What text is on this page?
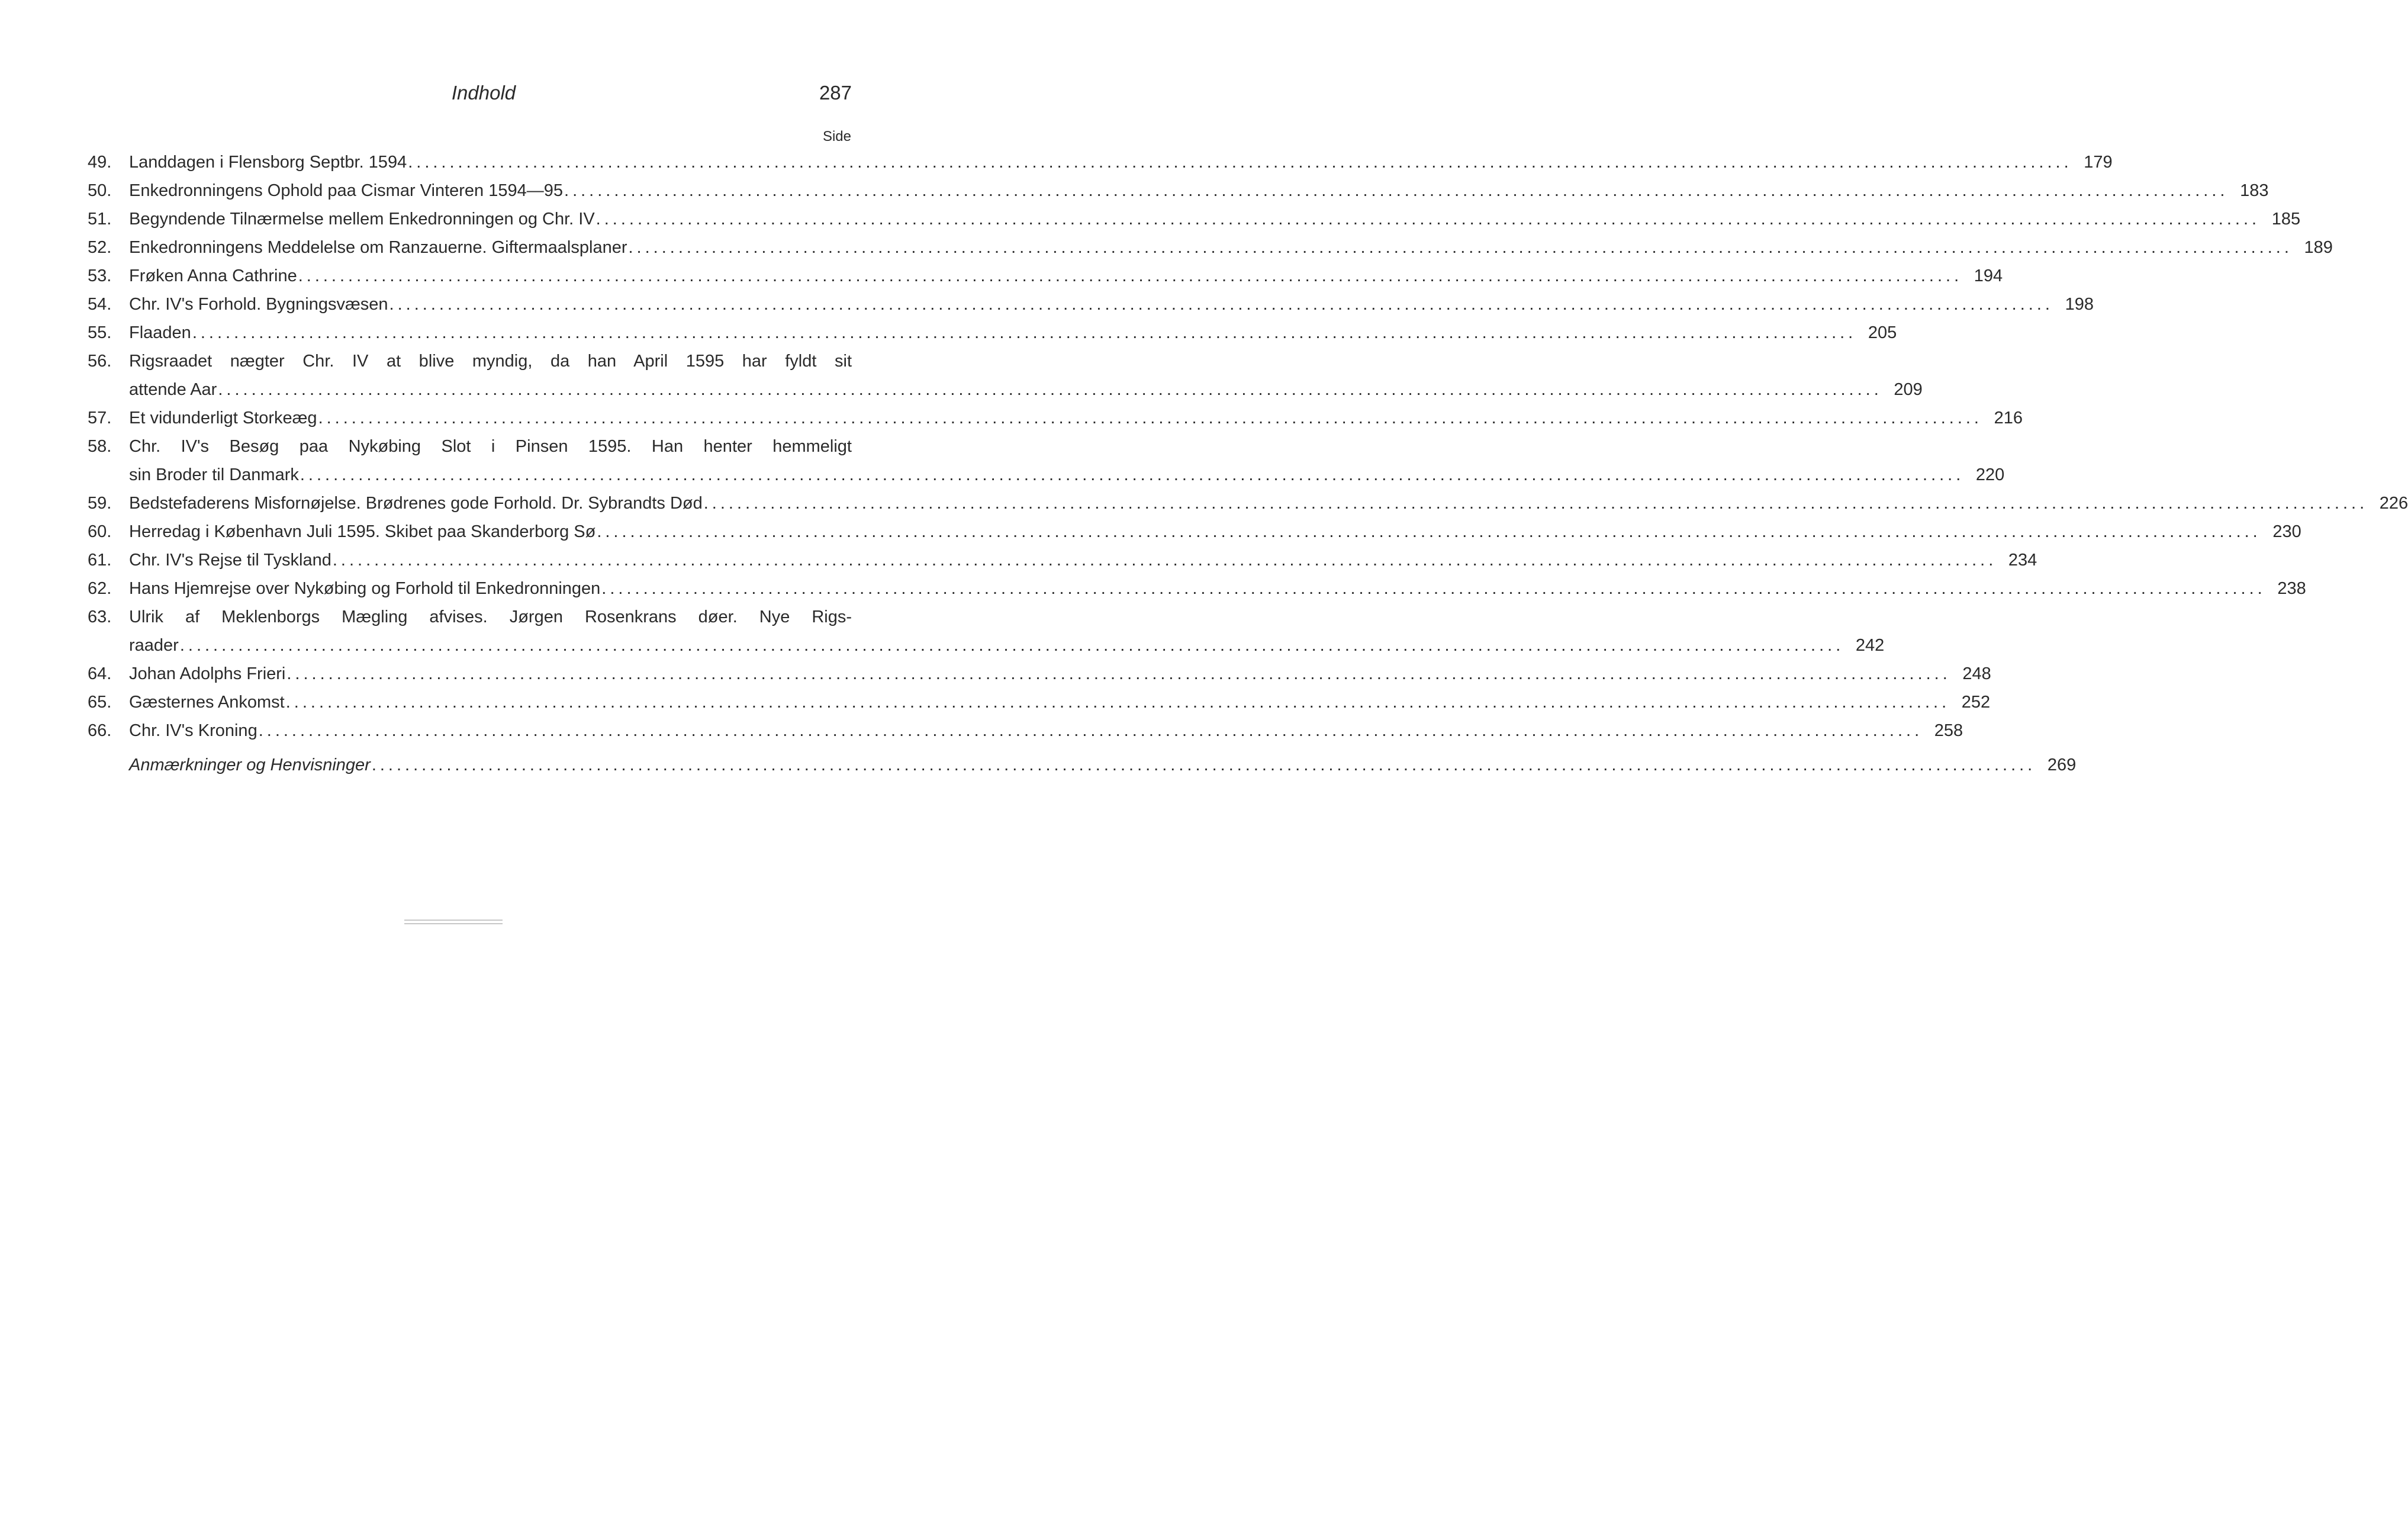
Indhold	287
Side
49. Landdagen i Flensborg Septbr. 1594 ........................................................................................................................................................................................................ 179
50. Enkedronningens Ophold paa Cismar Vinteren 1594—95 ........................................................................................................................................................................................................ 183
51. Begyndende Tilnærmelse mellem Enkedronningen og Chr. IV ........................................................................................................................................................................................................ 185
52. Enkedronningens Meddelelse om Ranzauerne. Giftermaalsplaner ........................................................................................................................................................................................................ 189
53. Frøken Anna Cathrine ........................................................................................................................................................................................................ 194
54. Chr. IV's Forhold. Bygningsvæsen ........................................................................................................................................................................................................ 198
55. Flaaden ........................................................................................................................................................................................................ 205
56. Rigsraadet nægter Chr. IV at blive myndig, da han April 1595 har fyldt sit
attende Aar ........................................................................................................................................................................................................ 209
57. Et vidunderligt Storkeæg ........................................................................................................................................................................................................ 216
58. Chr. IV's Besøg paa Nykøbing Slot i Pinsen 1595. Han henter hemmeligt
sin Broder til Danmark ........................................................................................................................................................................................................ 220
59. Bedstefaderens Misfornøjelse. Brødrenes gode Forhold. Dr. Sybrandts Død ........................................................................................................................................................................................................ 226
60. Herredag i København Juli 1595. Skibet paa Skanderborg Sø ........................................................................................................................................................................................................ 230
61. Chr. IV's Rejse til Tyskland ........................................................................................................................................................................................................ 234
62. Hans Hjemrejse over Nykøbing og Forhold til Enkedronningen ........................................................................................................................................................................................................ 238
63. Ulrik af Meklenborgs Mægling afvises. Jørgen Rosenkrans døer. Nye Rigs-
raader ........................................................................................................................................................................................................ 242
64. Johan Adolphs Frieri ........................................................................................................................................................................................................ 248
65. Gæsternes Ankomst ........................................................................................................................................................................................................ 252
66. Chr. IV's Kroning ........................................................................................................................................................................................................ 258
Anmærkninger og Henvisninger ........................................................................................................................................................................................................ 269
